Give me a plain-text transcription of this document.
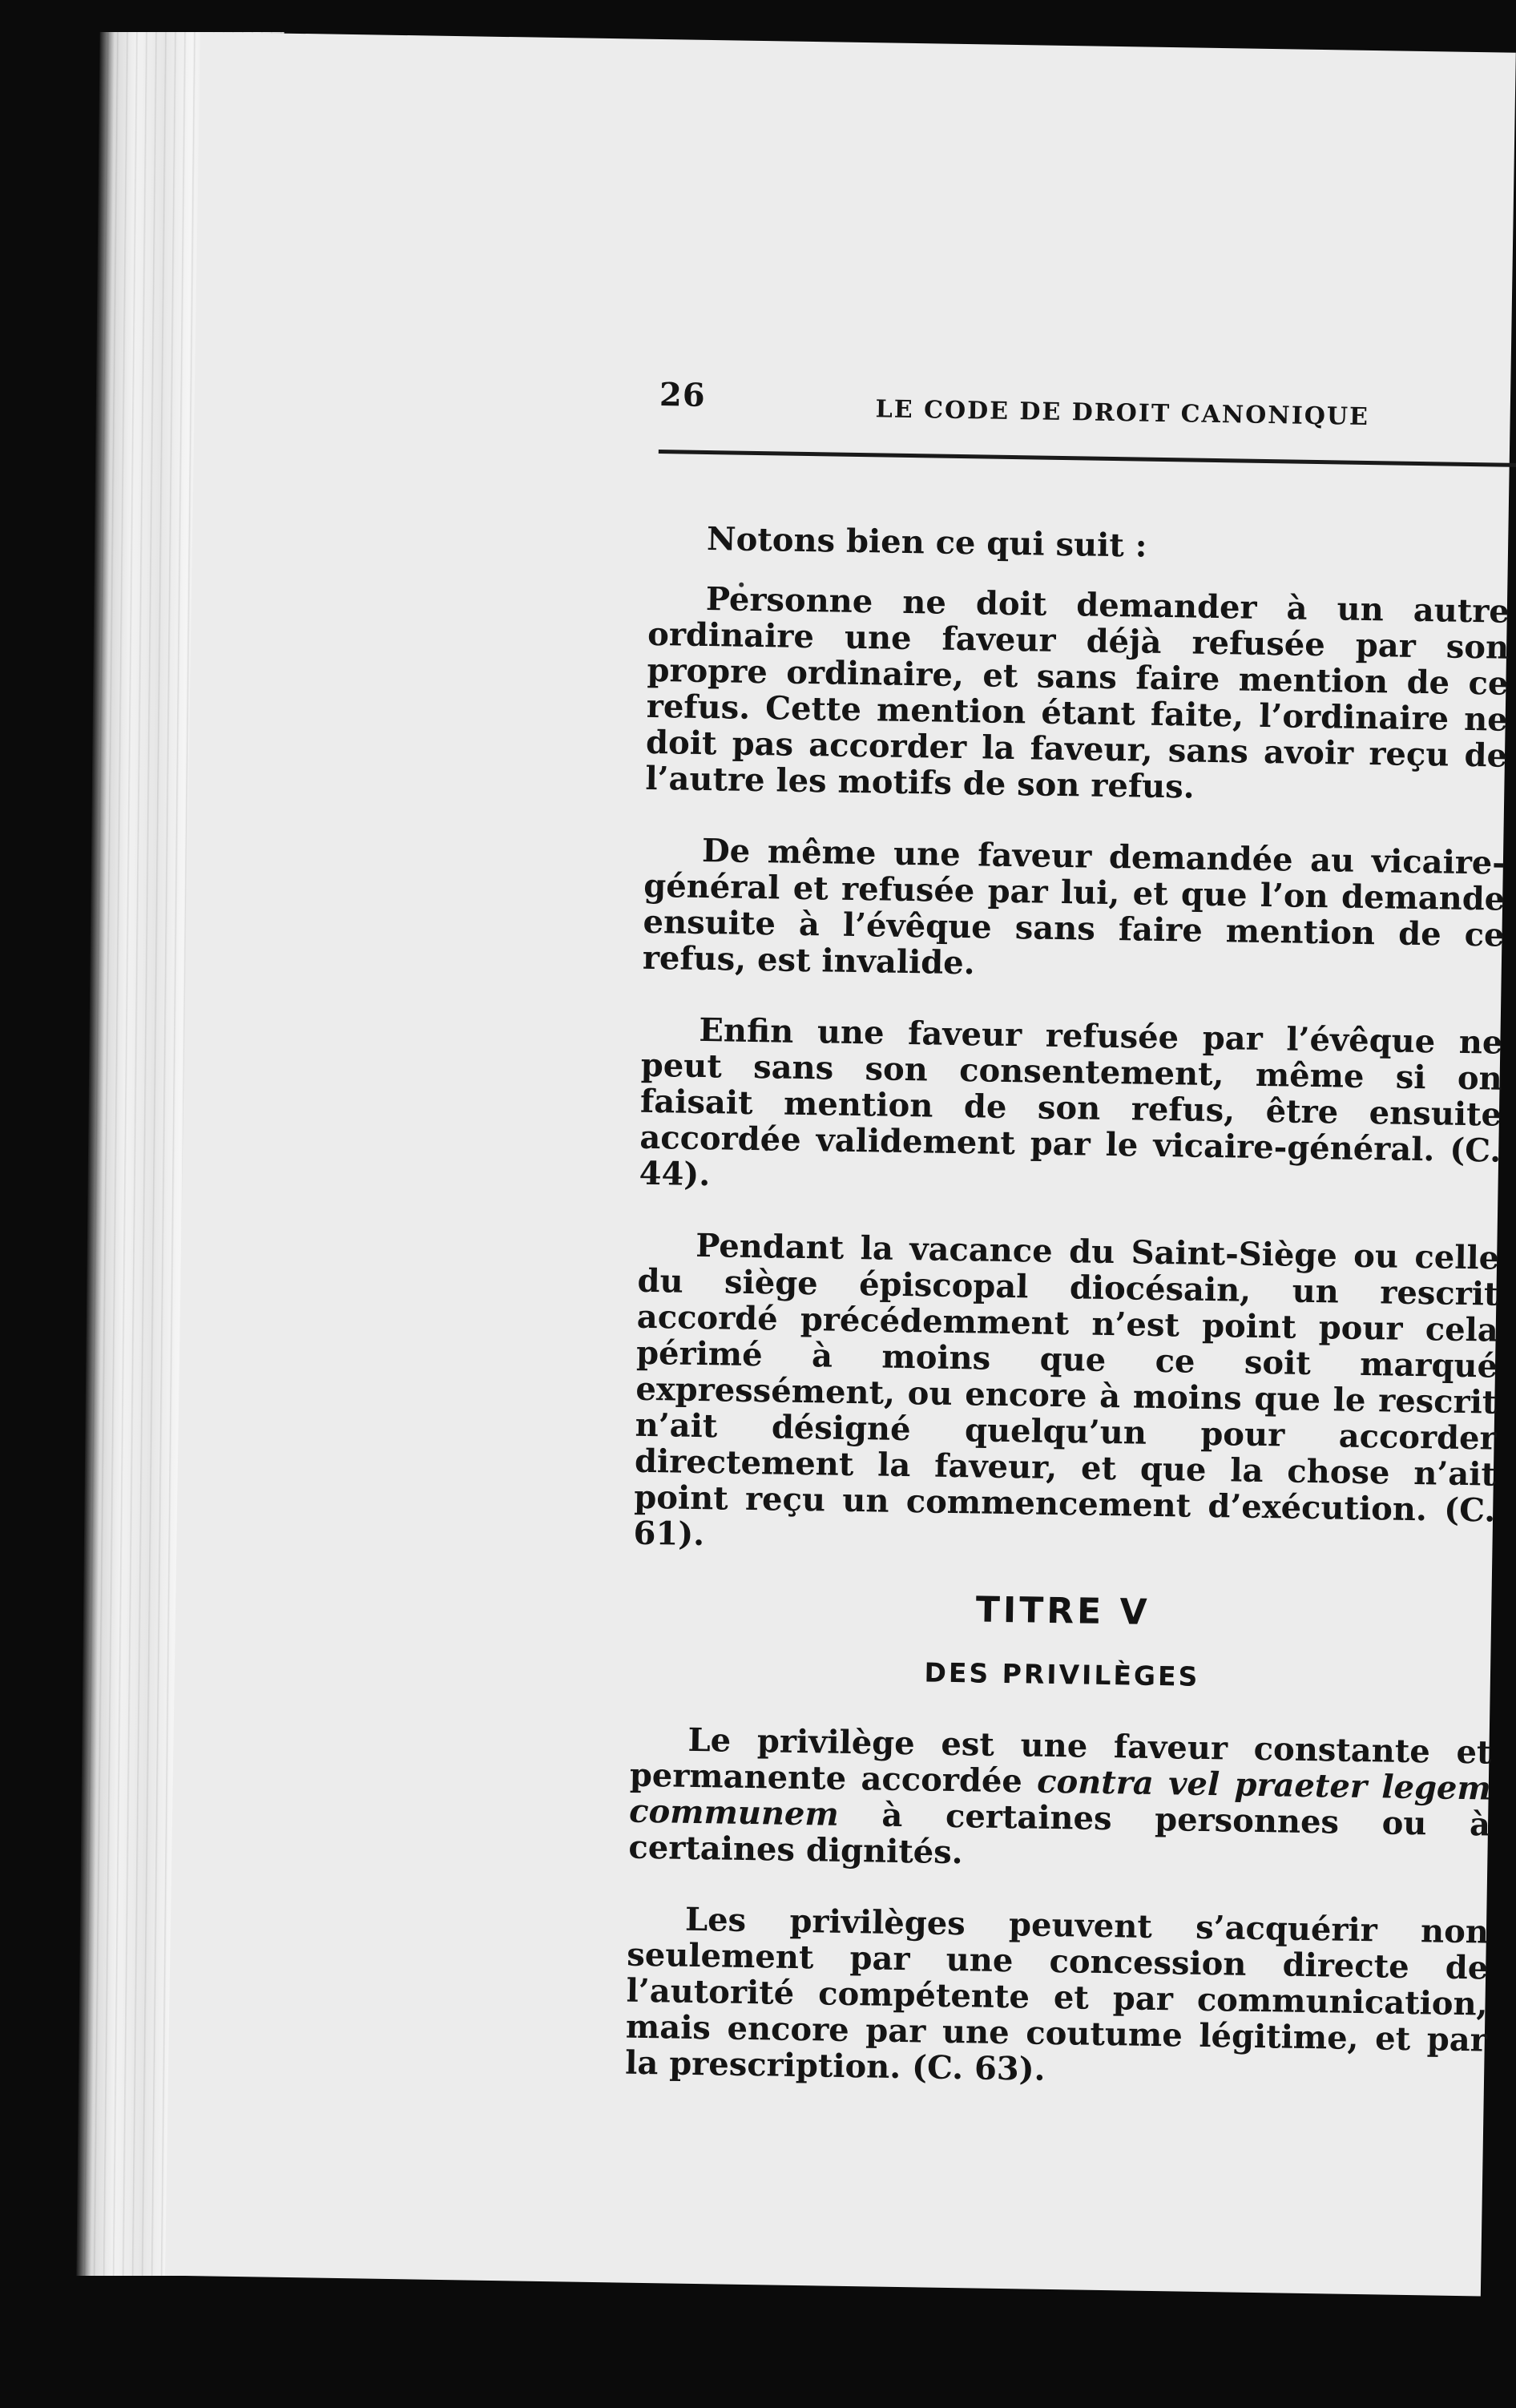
26	LE CODE DE DROIT CANONIQUE

Notons bien ce qui suit :

Personne ne doit demander à un autre ordinaire une faveur déjà refusée par son propre ordinaire, et sans faire mention de ce refus. Cette mention étant faite, l’ordinaire ne doit pas accorder la faveur, sans avoir reçu de l’autre les motifs de son refus.

De même une faveur demandée au vicaire-général et refusée par lui, et que l’on demande ensuite à l’évêque sans faire mention de ce refus, est invalide.

Enfin une faveur refusée par l’évêque ne peut sans son consentement, même si on faisait mention de son refus, être ensuite accordée validement par le vicaire-général. (C. 44).

Pendant la vacance du Saint-Siège ou celle du siège épiscopal diocésain, un rescrit accordé précédemment n’est point pour cela périmé à moins que ce soit marqué expressément, ou encore à moins que le rescrit n’ait désigné quelqu’un pour accorder directement la faveur, et que la chose n’ait point reçu un commencement d’exécution. (C. 61).

TITRE V
DES PRIVILÈGES

Le privilège est une faveur constante et permanente accordée contra vel praeter legem communem à certaines personnes ou à certaines dignités.

Les privilèges peuvent s’acquérir non seulement par une concession directe de l’autorité compétente et par communication, mais encore par une coutume légitime, et par la prescription. (C. 63).
